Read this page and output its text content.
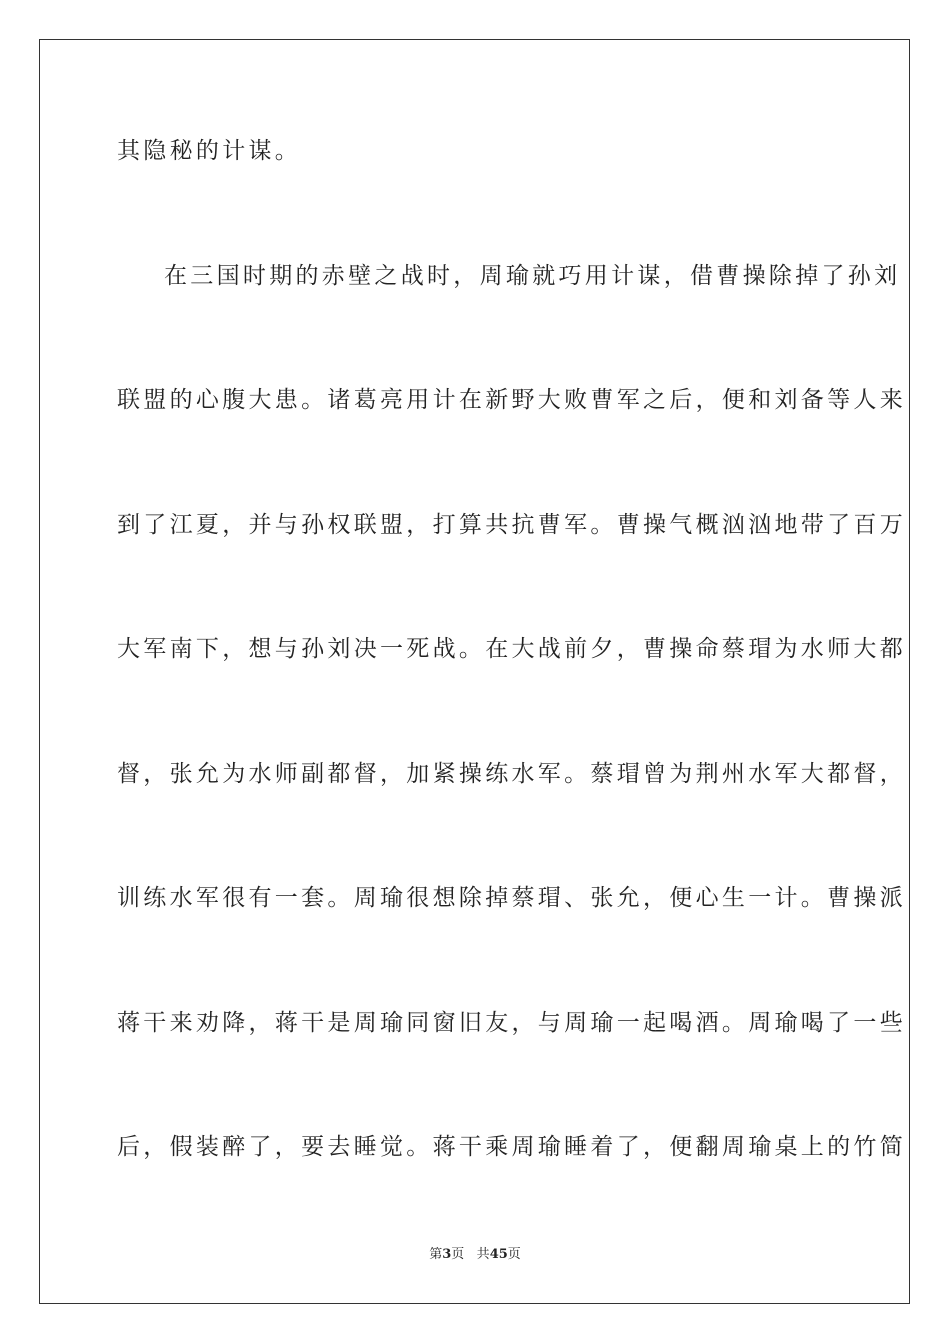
其隐秘的计谋。
在三国时期的赤壁之战时，周瑜就巧用计谋，借曹操除掉了孙刘
联盟的心腹大患。诸葛亮用计在新野大败曹军之后，便和刘备等人来
到了江夏，并与孙权联盟，打算共抗曹军。曹操气概汹汹地带了百万
大军南下，想与孙刘决一死战。在大战前夕，曹操命蔡瑁为水师大都
督，张允为水师副都督，加紧操练水军。蔡瑁曾为荆州水军大都督，
训练水军很有一套。周瑜很想除掉蔡瑁、张允，便心生一计。曹操派
蒋干来劝降，蒋干是周瑜同窗旧友，与周瑜一起喝酒。周瑜喝了一些
后，假装醉了，要去睡觉。蒋干乘周瑜睡着了，便翻周瑜桌上的竹简
第3页 共45页
